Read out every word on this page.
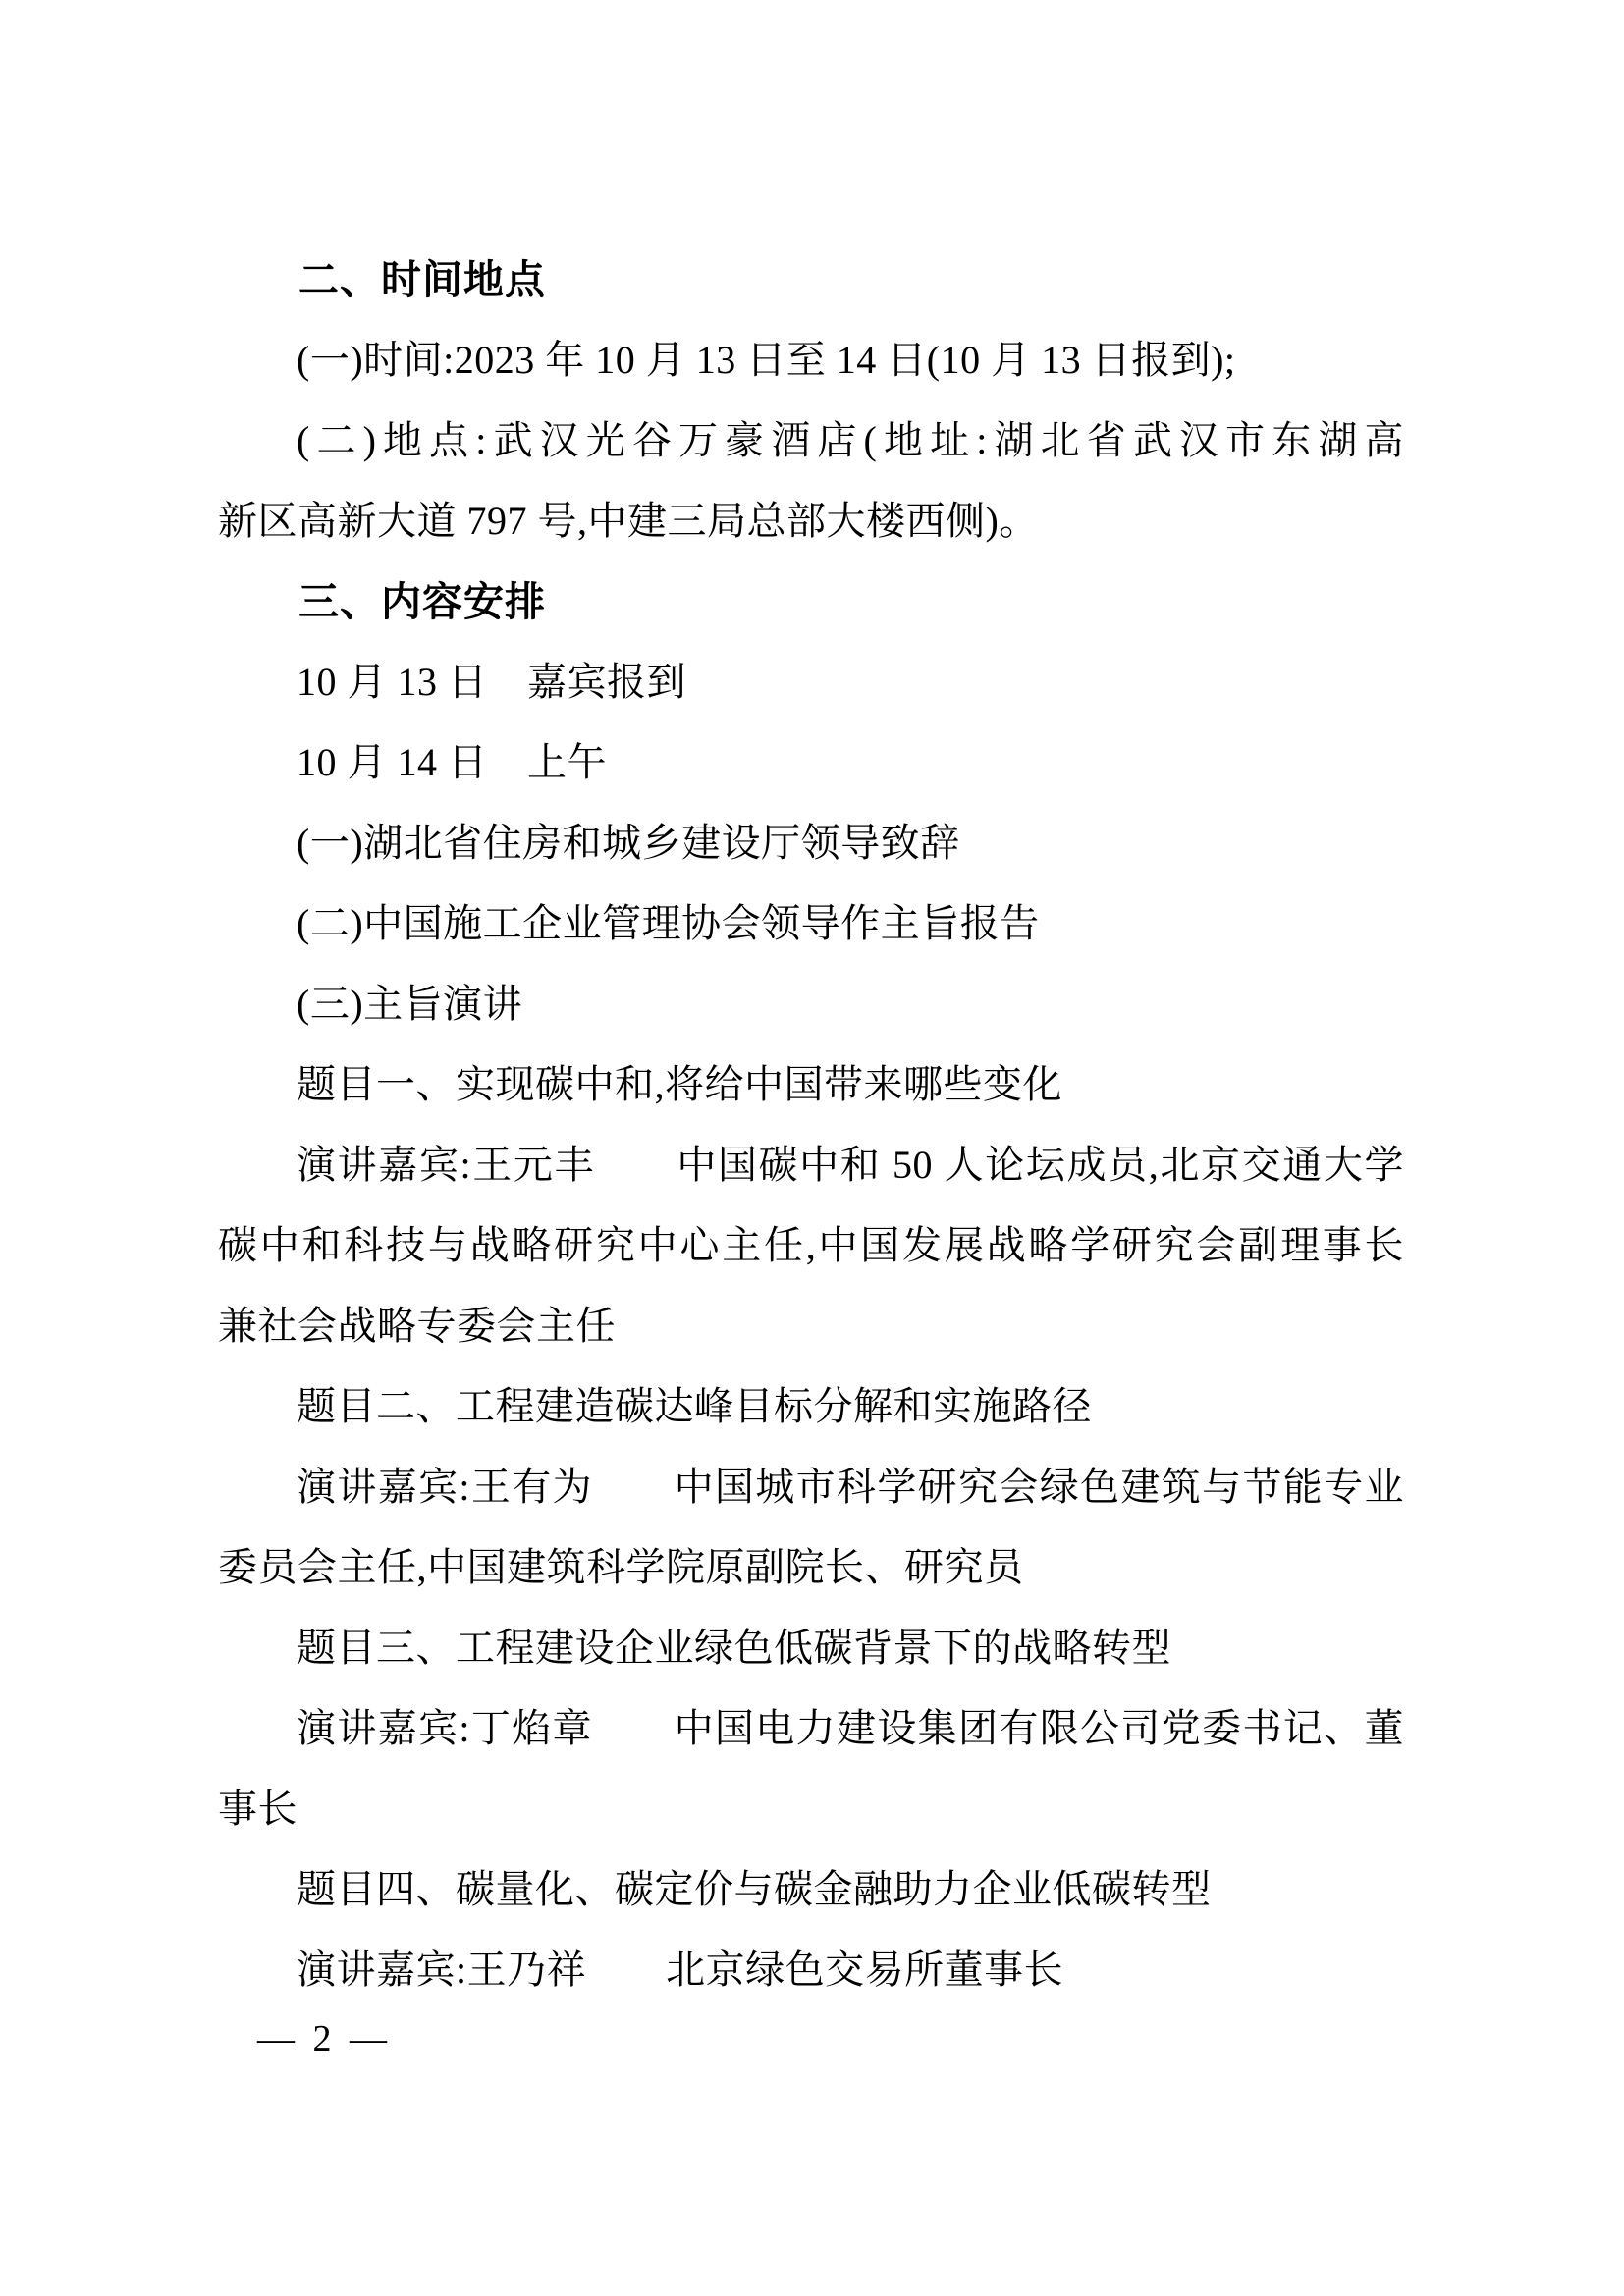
二、时间地点
(一)时间:2023 年 10 月 13 日至 14 日(10 月 13 日报到);
(二)地点:武汉光谷万豪酒店(地址:湖北省武汉市东湖高
新区高新大道 797 号,中建三局总部大楼西侧)。
三、内容安排
10 月 13 日　嘉宾报到
10 月 14 日　上午
(一)湖北省住房和城乡建设厅领导致辞
(二)中国施工企业管理协会领导作主旨报告
(三)主旨演讲
题目一、实现碳中和,将给中国带来哪些变化
演讲嘉宾:王元丰　　中国碳中和 50 人论坛成员,北京交通大学
碳中和科技与战略研究中心主任,中国发展战略学研究会副理事长
兼社会战略专委会主任
题目二、工程建造碳达峰目标分解和实施路径
演讲嘉宾:王有为　　中国城市科学研究会绿色建筑与节能专业
委员会主任,中国建筑科学院原副院长、研究员
题目三、工程建设企业绿色低碳背景下的战略转型
演讲嘉宾:丁焰章　　中国电力建设集团有限公司党委书记、董
事长
题目四、碳量化、碳定价与碳金融助力企业低碳转型
演讲嘉宾:王乃祥　　北京绿色交易所董事长
— 2 —
